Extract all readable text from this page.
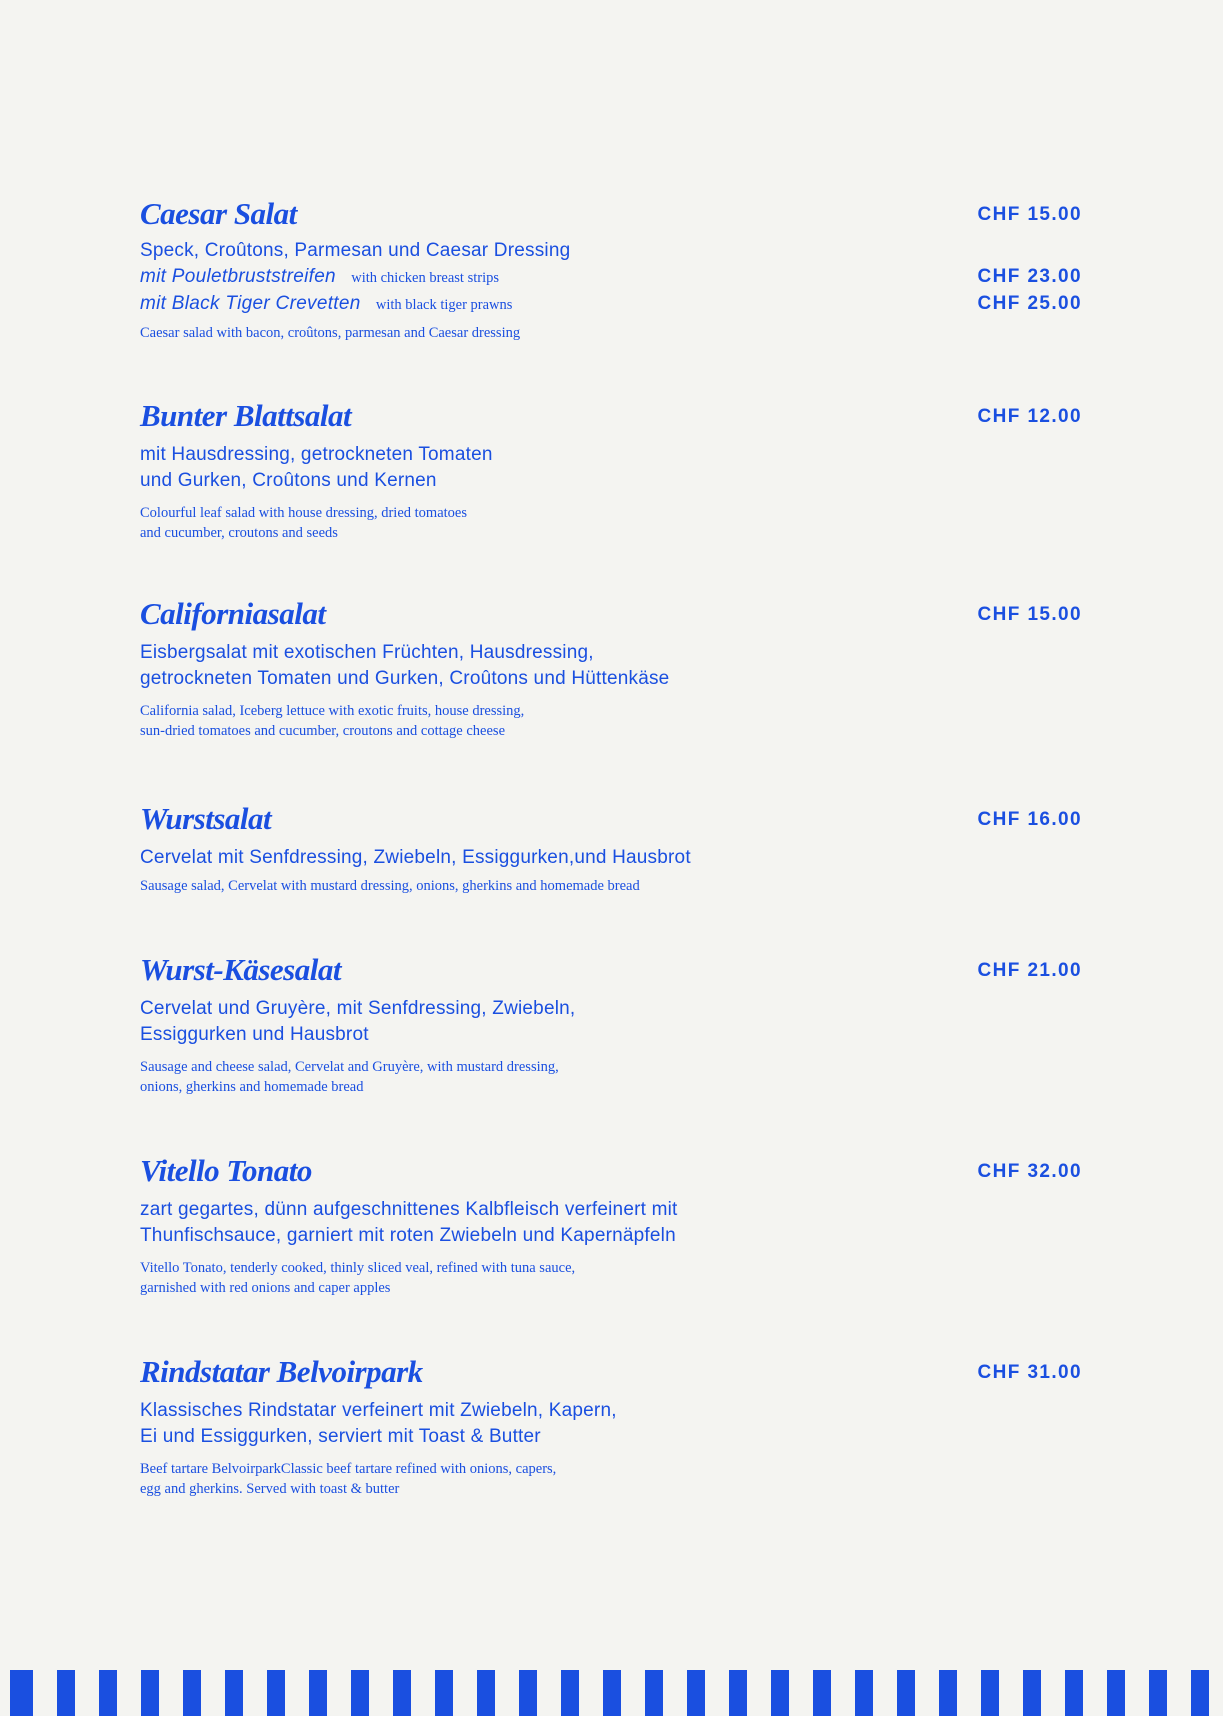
Caesar Salat	CHF 15.00
Speck, Croûtons, Parmesan und Caesar Dressing
mit Pouletbruststreifen with chicken breast strips	CHF 23.00
mit Black Tiger Crevetten with black tiger prawns	CHF 25.00
Caesar salad with bacon, croûtons, parmesan and Caesar dressing
Bunter Blattsalat	CHF 12.00
mit Hausdressing, getrockneten Tomaten
und Gurken, Croûtons und Kernen
Colourful leaf salad with house dressing, dried tomatoes
and cucumber, croutons and seeds
Californiasalat	CHF 15.00
Eisbergsalat mit exotischen Früchten, Hausdressing,
getrockneten Tomaten und Gurken, Croûtons und Hüttenkäse
California salad, Iceberg lettuce with exotic fruits, house dressing,
sun-dried tomatoes and cucumber, croutons and cottage cheese
Wurstsalat	CHF 16.00
Cervelat mit Senfdressing, Zwiebeln, Essiggurken,und Hausbrot
Sausage salad, Cervelat with mustard dressing, onions, gherkins and homemade bread
Wurst-Käsesalat	CHF 21.00
Cervelat und Gruyère, mit Senfdressing, Zwiebeln,
Essiggurken und Hausbrot
Sausage and cheese salad, Cervelat and Gruyère, with mustard dressing,
onions, gherkins and homemade bread
Vitello Tonato	CHF 32.00
zart gegartes, dünn aufgeschnittenes Kalbfleisch verfeinert mit
Thunfischsauce, garniert mit roten Zwiebeln und Kapernäpfeln
Vitello Tonato, tenderly cooked, thinly sliced veal, refined with tuna sauce,
garnished with red onions and caper apples
Rindstatar Belvoirpark	CHF 31.00
Klassisches Rindstatar verfeinert mit Zwiebeln, Kapern,
Ei und Essiggurken, serviert mit Toast & Butter
Beef tartare BelvoirparkClassic beef tartare refined with onions, capers,
egg and gherkins. Served with toast & butter
